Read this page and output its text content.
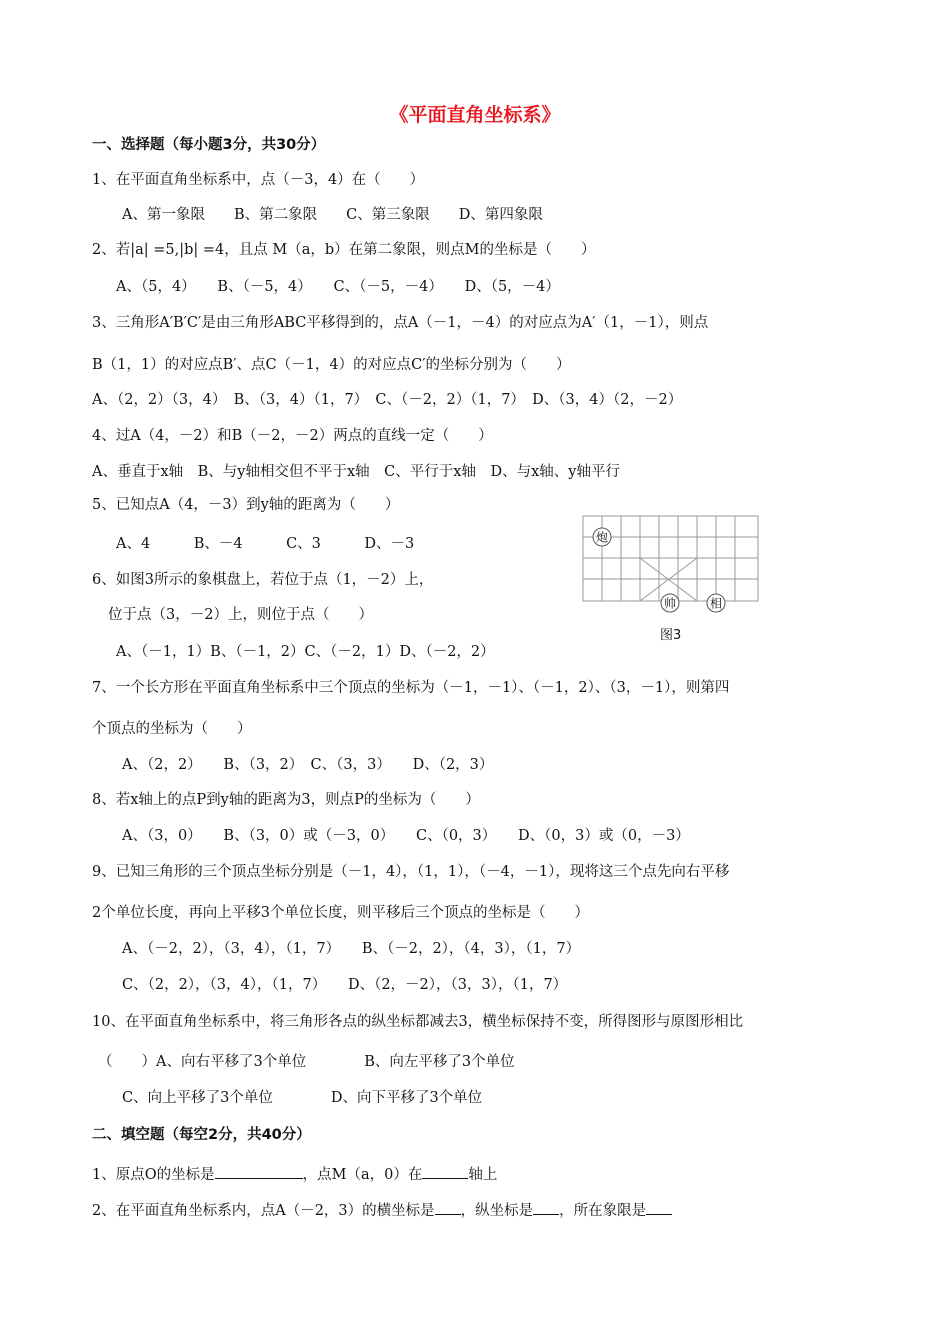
《平面直角坐标系》
一、选择题（每小题3分，共30分）
1、在平面直角坐标系中，点（－3，4）在（　　）
A、第一象限　　B、第二象限　　C、第三象限　　D、第四象限
2、若|a| =5,|b| =4，且点 M（a，b）在第二象限，则点M的坐标是（　　）
A、（5，4）　　B、（－5，4）　　C、（－5，－4）　　D、（5，－4）
3、三角形A′B′C′是由三角形ABC平移得到的，点A（－1，－4）的对应点为A′（1，－1），则点
B（1，1）的对应点B′、点C（－1，4）的对应点C′的坐标分别为（　　）
A、（2，2）（3，4）　B、（3，4）（1，7）　C、（－2，2）（1，7）　D、（3，4）（2，－2）
4、过A（4，－2）和B（－2，－2）两点的直线一定（　　）
A、垂直于x轴　B、与y轴相交但不平于x轴　C、平行于x轴　D、与x轴、y轴平行
5、已知点A（4，－3）到y轴的距离为（　　）
A、4　　　B、－4　　　C、3　　　D、－3
6、如图3所示的象棋盘上，若位于点（1，－2）上，
位于点（3，－2）上，则位于点（　　）
A、（－1，1）B、（－1，2）C、（－2，1）D、（－2，2）
7、一个长方形在平面直角坐标系中三个顶点的坐标为（－1，－1）、（－1，2）、（3，－1），则第四
个顶点的坐标为（　　）
A、（2，2）　　B、（3，2）　C、（3，3）　　D、（2，3）
8、若x轴上的点P到y轴的距离为3，则点P的坐标为（　　）
A、（3，0）　　B、（3，0）或（－3，0）　　C、（0，3）　　D、（0，3）或（0，－3）
9、已知三角形的三个顶点坐标分别是（－1，4），（1，1），（－4，－1），现将这三个点先向右平移
2个单位长度，再向上平移3个单位长度，则平移后三个顶点的坐标是（　　）
A、（－2，2），（3，4），（1，7）　　B、（－2，2），（4，3），（1，7）
C、（2，2），（3，4），（1，7）　　D、（2，－2），（3，3），（1，7）
10、在平面直角坐标系中，将三角形各点的纵坐标都减去3，横坐标保持不变，所得图形与原图形相比
（　　）A、向右平移了3个单位　　　　B、向左平移了3个单位
C、向上平移了3个单位　　　　D、向下平移了3个单位
二、填空题（每空2分，共40分）
1、原点O的坐标是	，点M（a，0）在	轴上
2、在平面直角坐标系内，点A（－2，3）的横坐标是 ，纵坐标是 ，所在象限是
炮
帅	相
图3
